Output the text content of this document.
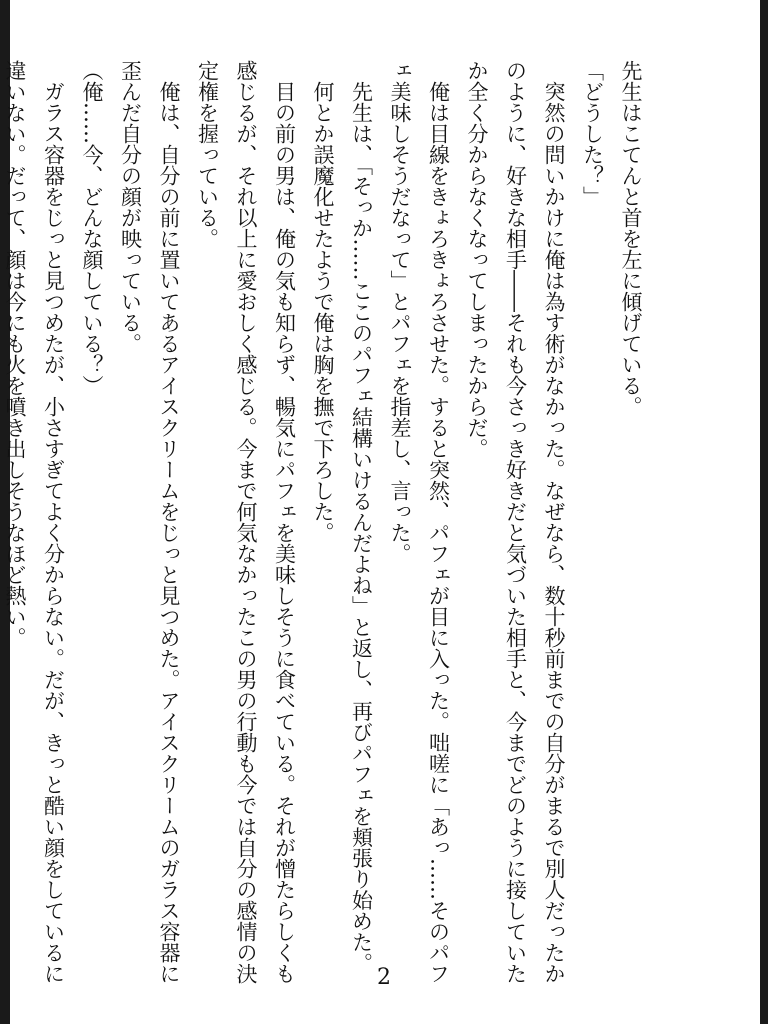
先生はこてんと首を左に傾げている。

「どうした？」

　突然の問いかけに俺は為す術がなかった。なぜなら、数十秒前までの自分がまるで別人だったか

のように、好きな相手――それも今さっき好きだと気づいた相手と、今までどのように接していた

か全く分からなくなってしまったからだ。

　俺は目線をきょろきょろさせた。すると突然、パフェが目に入った。咄嗟に「あっ……そのパフ

ェ美味しそうだなって」とパフェを指差し、言った。

　先生は、「そっか……ここのパフェ結構いけるんだよね」と返し、再びパフェを頬張り始めた。

　何とか誤魔化せたようで俺は胸を撫で下ろした。

　目の前の男は、俺の気も知らず、暢気にパフェを美味しそうに食べている。それが憎たらしくも

感じるが、それ以上に愛おしく感じる。今まで何気なかったこの男の行動も今では自分の感情の決

定権を握っている。

　俺は、自分の前に置いてあるアイスクリームをじっと見つめた。アイスクリームのガラス容器に

歪んだ自分の顔が映っている。

（俺……今、どんな顔している？）

　ガラス容器をじっと見つめたが、小さすぎてよく分からない。だが、きっと酷い顔をしているに

違いない。だって、顔は今にも火を噴き出しそうなほど熱い。

2
